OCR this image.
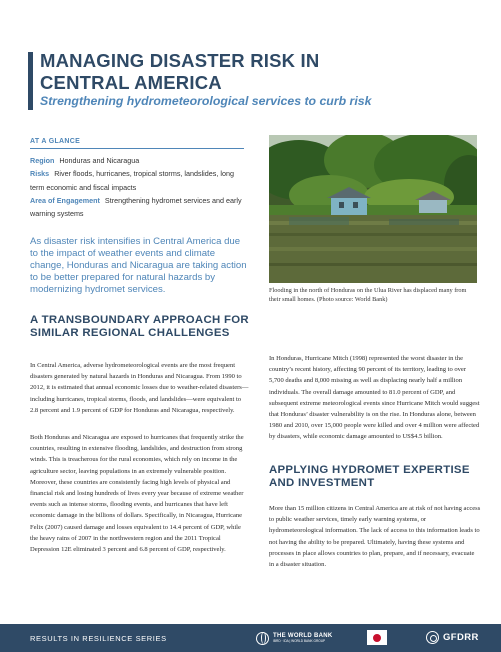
MANAGING DISASTER RISK IN
CENTRAL AMERICA
Strengthening hydrometeorological services to curb risk
AT A GLANCE
Region Honduras and Nicaragua
Risks River floods, hurricanes, tropical storms, landslides, long term economic and fiscal impacts
Area of Engagement Strengthening hydromet services and early warning systems
As disaster risk intensifies in Central America due to the impact of weather events and climate change, Honduras and Nicaragua are taking action to be better prepared for natural hazards by modernizing hydromet services.	Flooding in the north of Honduras on the Ulua River has displaced many from their small homes. (Photo source: World Bank)
A TRANSBOUNDARY APPROACH FOR SIMILAR REGIONAL CHALLENGES

In Central America, adverse hydrometeorological events are the most frequent disasters generated by natural hazards in Honduras and Nicaragua. From 1990 to 2012, it is estimated that annual economic losses due to weather-related disasters—including hurricanes, tropical storms, floods, and landslides—were equivalent to 2.8 percent and 1.9 percent of GDP for Honduras and Nicaragua, respectively.

Both Honduras and Nicaragua are exposed to hurricanes that frequently strike the countries, resulting in extensive flooding, landslides, and destruction from strong winds. This is treacherous for the rural economies, which rely on income in the agriculture sector, leaving populations in an extremely vulnerable position. Moreover, these countries are consistently facing high levels of physical and financial risk and losing hundreds of lives every year because of extreme weather events such as intense storms, flooding events, and hurricanes that have left economic damage in the billions of dollars. Specifically, in Nicaragua, Hurricane Felix (2007) caused damage and losses equivalent to 14.4 percent of GDP, while the heavy rains of 2007 in the northwestern region and the 2011 Tropical Depression 12E eliminated 3 percent and 6.8 percent of GDP, respectively.

In Honduras, Hurricane Mitch (1998) represented the worst disaster in the country’s recent history, affecting 90 percent of its territory, leading to over 5,700 deaths and 8,000 missing as well as displacing nearly half a million individuals. The overall damage amounted to 81.0 percent of GDP, and subsequent extreme meteorological events since Hurricane Mitch would suggest that Honduras’ disaster vulnerability is on the rise. In Honduras alone, between 1980 and 2010, over 15,000 people were killed and over 4 million were affected by disasters, while economic damage amounted to US$4.5 billion.

APPLYING HYDROMET EXPERTISE AND INVESTMENT

More than 15 million citizens in Central America are at risk of not having access to public weather services, timely early warning systems, or hydrometeorological information. The lack of access to this information leads to not having the ability to be prepared. Ultimately, having these systems and processes in place allows countries to plan, prepare, and if necessary, evacuate in a disaster situation.

RESULTS IN RESILIENCE SERIES	THE WORLD BANK
IBRD · IDA | WORLD BANK GROUP	GFDRR
